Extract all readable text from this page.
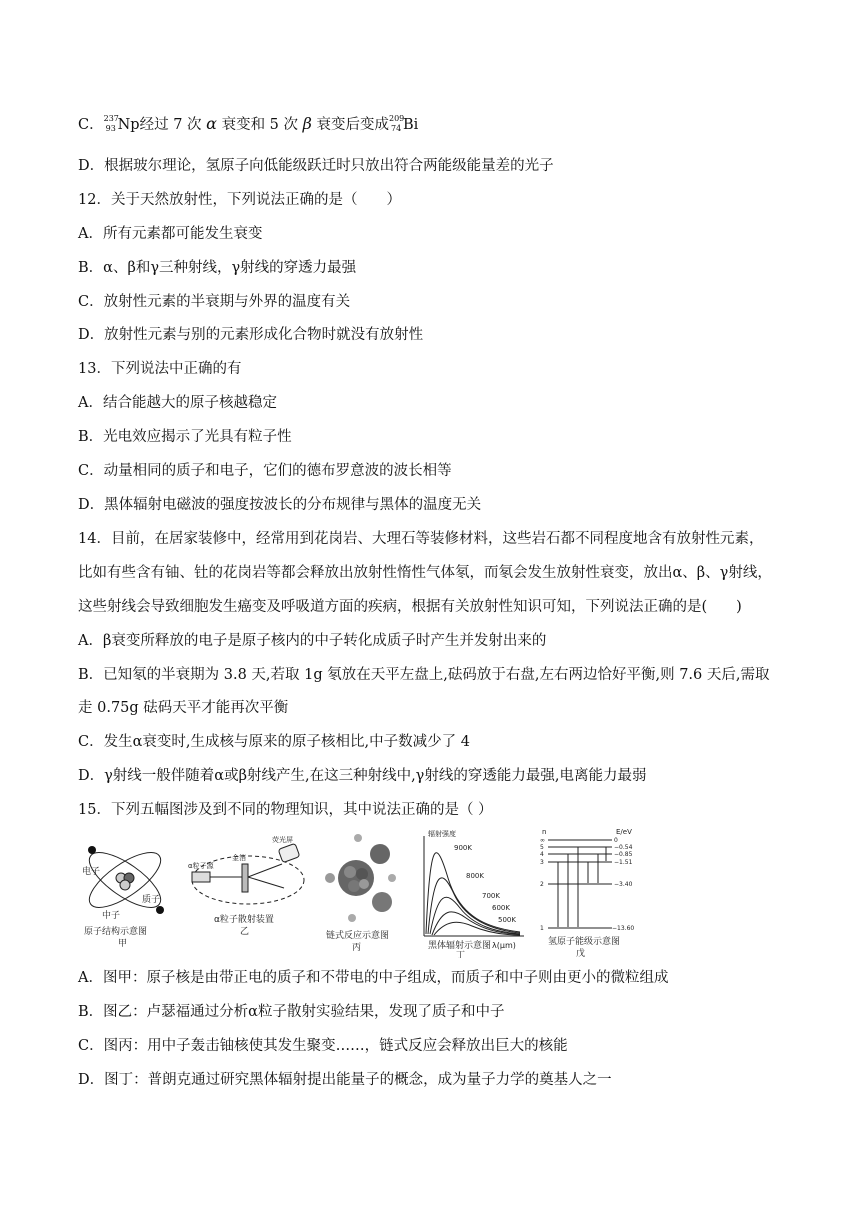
C． 237
93 Np经过 7 次 α 衰变和 5 次 β 衰变后变成 209
74 Bi
D．根据玻尔理论，氢原子向低能级跃迁时只放出符合两能级能量差的光子
12．关于天然放射性，下列说法正确的是（　　）
A．所有元素都可能发生衰变
B．α、β和γ三种射线，γ射线的穿透力最强
C．放射性元素的半衰期与外界的温度有关
D．放射性元素与别的元素形成化合物时就没有放射性
13．下列说法中正确的有
A．结合能越大的原子核越稳定
B．光电效应揭示了光具有粒子性
C．动量相同的质子和电子，它们的德布罗意波的波长相等
D．黑体辐射电磁波的强度按波长的分布规律与黑体的温度无关
14．目前，在居家装修中，经常用到花岗岩、大理石等装修材料，这些岩石都不同程度地含有放射性元素，
比如有些含有铀、钍的花岗岩等都会释放出放射性惰性气体氡，而氡会发生放射性衰变，放出α、β、γ射线，
这些射线会导致细胞发生癌变及呼吸道方面的疾病，根据有关放射性知识可知，下列说法正确的是(　　)
A．β衰变所释放的电子是原子核内的中子转化成质子时产生并发射出来的
B．已知氡的半衰期为 3.8 天,若取 1g 氡放在天平左盘上,砝码放于右盘,左右两边恰好平衡,则 7.6 天后,需取
走 0.75g 砝码天平才能再次平衡
C．发生α衰变时,生成核与原来的原子核相比,中子数减少了 4
D．γ射线一般伴随着α或β射线产生,在这三种射线中,γ射线的穿透能力最强,电离能力最弱
15．下列五幅图涉及到不同的物理知识，其中说法正确的是（ ）
电子
中子
质子
原子结构示意图
甲
α粒子源
金箔
荧光屏
α粒子散射装置
乙	链式反应示意图
丙
辐射强度
900K
800K
700K
600K
500K
黑体辐射示意图 λ(μm)
丁
n	E/eV
∞
5
4
3
2
1
0
−0.54
−0.85
−1.51
−3.40
−13.60
氢原子能级示意图
戊
A．图甲：原子核是由带正电的质子和不带电的中子组成，而质子和中子则由更小的微粒组成
B．图乙：卢瑟福通过分析α粒子散射实验结果，发现了质子和中子
C．图丙：用中子轰击铀核使其发生聚变……，链式反应会释放出巨大的核能
D．图丁：普朗克通过研究黑体辐射提出能量子的概念，成为量子力学的奠基人之一
